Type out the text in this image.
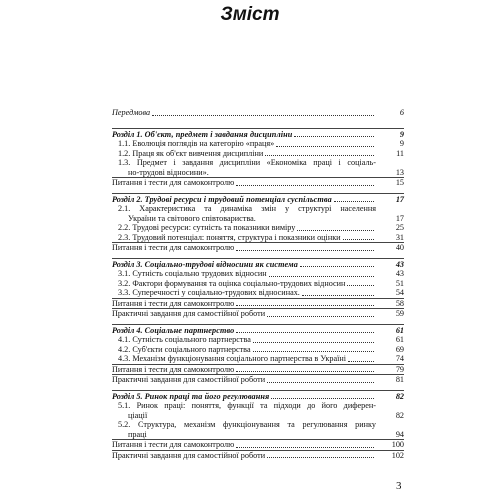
Зміст
Передмова	6
Розділ 1. Об'єкт, предмет і завдання дисципліни	9
1.1. Еволюція поглядів на категорію «праця»	9
1.2. Праця як об'єкт вивчення дисципліни	11
1.3. Предмет і завдання дисципліни «Економіка праці і соціаль-
но-трудові відносини».	13
Питання і тести для самоконтролю	15
Розділ 2. Трудові ресурси і трудовий потенціал суспільства	17
2.1. Характеристика та динаміка змін у структурі населення
України та світового співтовариства.	17
2.2. Трудові ресурси: сутність та показники виміру	25
2.3. Трудовий потенціал: поняття, структура і показники оцінки	31
Питання і тести для самоконтролю	40
Розділ 3. Соціально-трудові відносини як система	43
3.1. Сутність соціально трудових відносин	43
3.2. Фактори формування та оцінка соціально-трудових відносин	51
3.3. Суперечності у соціально-трудових відносинах.	54
Питання і тести для самоконтролю	58
Практичні завдання для самостійної роботи	59
Розділ 4. Соціальне партнерство	61
4.1. Сутність соціального партнерства	61
4.2. Суб'єкти соціального партнерства	69
4.3. Механізм функціонування соціального партнерства в Україні	74
Питання і тести для самоконтролю	79
Практичні завдання для самостійної роботи	81
Розділ 5. Ринок праці та його регулювання	82
5.1. Ринок праці: поняття, функції та підходи до його диферен-
ціації	82
5.2. Структура, механізм функціонування та регулювання ринку
праці	94
Питання і тести для самоконтролю	100
Практичні завдання для самостійної роботи	102
3
